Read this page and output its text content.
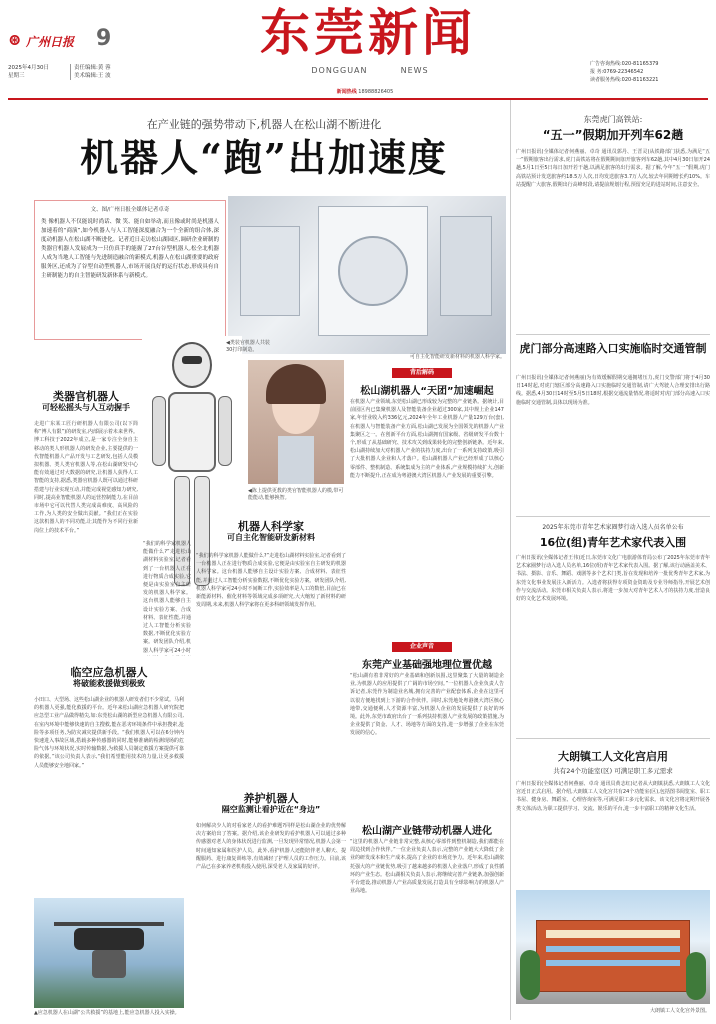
⊛ 广州日报 9
2025年4月30日
星期三
责任编辑:黄 蓉
美术编辑:王 波
东莞新闻
DONGGUAN	NEWS
广告咨询热线:020-81165379
报 务:0769-22346542
读者服务热线:020-81163221
新闻热线 18988826405
在产业链的强势带动下,机器人在松山湖不断进化
机器人“跑”出加速度
文、图/广州日报全媒体记者卓奇
类 像机器人不仅能说时尚话、微 笑、能自如举动,而且像或时尚是机器人加速着的“商演”,如今机器人与人工智能深度融合为一个全新的组合体,深度动机器人在松山湖不断进化。记者近日走访松山湖园区,调研企业研制的类器官机器人发展成为一只仿真手的能握了27台谷型机器人,松全北机器人成为当地人工智能与先进制造融合的新模式,机器人在松山湖重要的政府服务区,还成为了谷型自动型机器人,市场开展良好的运行状态,形成具有自主研制能力的自主智能研发新体系与新模式。
可自主化智能研发新材料的机器人科学家。
◀类装官机器人共装30打印制造。
◀陈上提供更教的类官智能机器人的模,带可能能动,能够换智。
类器官机器人
可轻松摇头与人互动握手
走进广东某工匠行研机器人有限公司(以下简称“博人有限”)的研发室,内部展示着未来世界。博工科技于2022年成立,是一家专注全身自主移动的类人形机器人的研发企业,主要提供的一代智能机器人产品开发与工艺研发,包括人员模拟机器、类人类官机器人等,在松山湖研发中心能有效通过对大数据的研究,让机器人获得人工智能的支持,据悉,类器官机器人既可以通过科研搭建与行业实现互动,并能完成视觉感知力研究,同时,提高业智能机器人的运营控制能力,在目前市场中它可以代替人类完成高难度、高风险的工作,为人类的安全做出贡献。“我们正在实验这款机器人的不同功能,让其能作为不同行业新岗位上的技术平台。”
“我们的科学家机器人能做什么?”走进松山湖材料实验室,记者看到了一台机器人正在进行物质合成实验,它便是由实验室自主研发的机器人科学家。这台机器人能够自主设计实验方案、合成材料、表征性能,并通过人工智能分析实验数据,不断优化实验方案。研发团队介绍,机器人科学家可24小时
机器人科学家
可自主化智能研发新材料
“我们的科学家机器人能做什么?”走进松山湖材料实验室,记者看到了一台机器人正在进行物质合成实验,它便是由实验室自主研发的机器人科学家。这台机器人能够自主设计实验方案、合成材料、表征性能,并通过人工智能分析实验数据,不断优化实验方案。研发团队介绍,机器人科学家可24小时不间断工作,实验效率是人工的数倍,目前已在新能源材料、催化材料等领域完成多项研究,大大缩短了新材料的研发周期,未来,机器人科学家将在更多科研领域发挥作用。
临空应急机器人
将破能救援做到极致
小田口、大型场、这些松山湖企业的机器人研发者们不少常试。马利的机器人更强,能化救援的平台。近年来松山湖应急机器人研究院把应急型工业产品做得精尖,如:东莞松山湖的新型应急机器人有限公司,在室内环境中能够快速的自主搜救,能在恶劣环境条件中承担搜索,抢险等多项任务,为防灾减灾提供新手段。“我们机器人可以在6分钟内快速进入事故区域,搭载多种传感器的同时,能够准确的检测现场的危险气体与环境状况,实时传输数据,为救援人员制定救援方案提供可靠的依据。”该公司负责人表示,“我们希望能用技术的力量,让更多救援人员能够安全地回家。”
▲应急机器人在山湖“公共救援”的基地上,能应急机器人投入实操。
养护机器人
隔空监测让看护近在“身边”
如何解决少人的对看家老人的看护难题?同样是松山湖企业的优势解决方案给出了答案。据介绍,该企业研发的看护机器人可以通过多种传感器对老人的身体状况进行监测,一旦发现异常情况,机器人会第一时间通知家属和医护人员。此外,看护机器人还能陪伴老人聊天、提醒服药、进行康复训练等,有效减轻了护理人员的工作压力。目前,该产品已在多家养老机构投入使用,深受老人及家属的好评。
背后解码
松山湖机器人“天团”加速崛起
在机器人产业领域,东莞松山湖已形成较为完整的产业链条。据统计,目前园区内已集聚机器人及智能装备企业超过300家,其中规上企业147家,年营业收入约336亿元,2024年全年工业机器人产量129万台(套),在机器人与智能装备产业方面,松山湖已发展为全国领先的机器人产业集聚区之一。在创新平台方面,松山湖拥有国家级、省级研发平台数十个,形成了从基础研究、技术攻关到成果转化的完整创新链条。近年来,松山湖持续加大对机器人产业的扶持力度,出台了一系列支持政策,吸引了大批机器人企业和人才落户。松山湖机器人产业已经形成了以核心零部件、整机制造、系统集成为主的产业体系,产业规模持续扩大,创新能力不断提升,正在成为粤港澳大湾区机器人产业发展的重要引擎。
企业声音
东莞产业基础强地理位置优越
“松山湖有着非常好的产业基础和创新氛围,这里聚集了大量的制造企业,为机器人的应用提供了广阔的市场空间。”一位机器人企业负责人告诉记者,东莞作为制造业名城,拥有完善的产业配套体系,企业在这里可以很方便地找到上下游的合作伙伴。同时,东莞地处粤港澳大湾区核心地带,交通便利,人才资源丰富,为机器人企业的发展提供了良好的环境。此外,东莞市政府出台了一系列扶持机器人产业发展的政策措施,为企业提供了资金、人才、场地等方面的支持,进一步增强了企业在东莞发展的信心。
松山湖产业链带动机器人进化
“这里的机器人产业链非常完整,从核心零部件到整机制造,我们都能在周边找到合作伙伴。”一位企业负责人表示,完整的产业链大大降低了企业的研发成本和生产成本,提高了企业的市场竞争力。近年来,松山湖依托强大的产业链优势,吸引了越来越多的机器人企业落户,形成了良性循环的产业生态。松山湖相关负责人表示,将继续完善产业链条,加强创新平台建设,推动机器人产业高质量发展,打造具有全球影响力的机器人产业高地。
东莞虎门高铁站:
“五一”假期加开列车62趟
广州日报讯(全媒体记者何燕丽、卓奇 通讯员郭丹、王晋灵)从铁路部门获悉,为满足“五一”假期旅客出行需求,虎门高铁站将在假期期间加开旅客列车62趟,其中4月30日加开24趟,5月1日至5日每日加开若干趟,以满足旅客的出行需求。据了解,今年“五一”假期,虎门高铁站预计发送旅客约18.5万人次,日均发送旅客3.7万人次,较去年同期增长约10%。车站提醒广大旅客,假期出行高峰时段,请提前规划行程,预留充足的进站时间,注意安全。
虎门部分高速路入口实施临时交通管制
广州日报讯(全媒体记者何燕丽)为有效缓解假期交通拥堵压力,虎门交警部门将于4月30日14时起,对虎门辖区部分高速路入口实施临时交通管制,请广大驾驶人合理安排出行路线。据悉,4月30日14时至5月5日18时,根据交通流量情况,将适时对虎门部分高速入口实施临时交通管制,具体以现场为准。
2025年东莞市青年艺术家圈梦行动入选人员名单公布
16位(组)青年艺术家代表入围
广州日报讯(全媒体记者王伟)近日,东莞市文化广电旅游体育局公布了2025年东莞市青年艺术家圈梦行动入选人员名单,16位(组)青年艺术家代表入围。据了解,该行动涵盖美术、书法、摄影、音乐、舞蹈、戏剧等多个艺术门类,旨在发现和培养一批优秀青年艺术家,为东莞文化事业发展注入新活力。入选者将获得专项资金资助及专业导师指导,开展艺术创作与交流活动。东莞市相关负责人表示,将进一步加大对青年艺术人才的扶持力度,营造良好的文化艺术发展环境。
大朗镇工人文化宫启用
共有24个功能室(区) 可满足职工多元需求
广州日报讯(全媒体记者何燕丽、卓奇 通讯员黄志红)记者从大朗镇获悉,大朗镇工人文化宫近日正式启用。据介绍,大朗镇工人文化宫共有24个功能室(区),包括图书阅览室、职工书屋、健身房、舞蹈室、心理咨询室等,可满足职工多元化需求。该文化宫将定期开展各类文体活动,为职工提供学习、交流、娱乐的平台,进一步丰富职工的精神文化生活。
大朗镇工人文化宫外景图。
